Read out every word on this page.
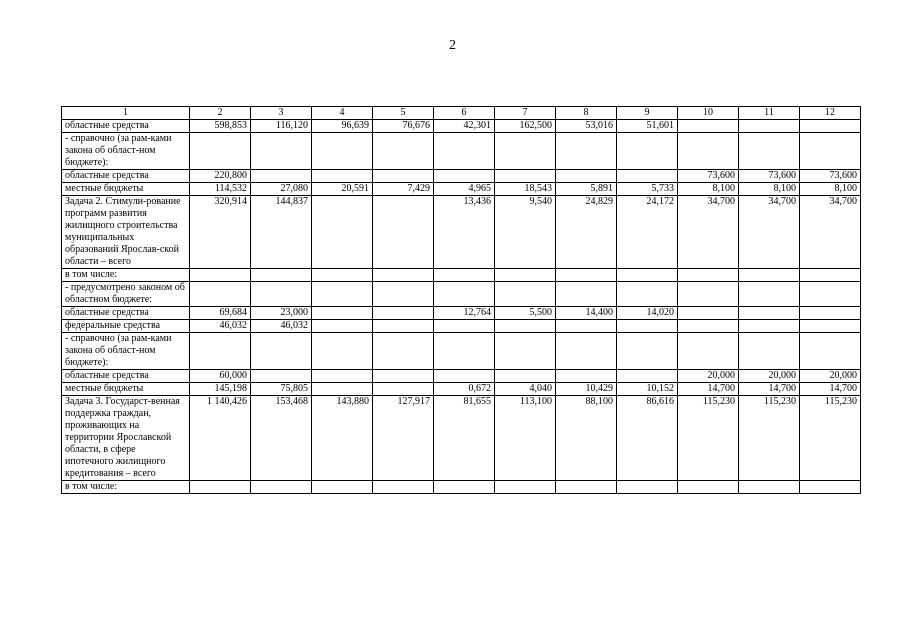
2
1	2	3	4	5	6	7	8	9	10	11	12
областные средства	598,853	116,120	96,639	76,676	42,301	162,500	53,016	51,601			
- справочно (за рам-ками закона об област-ном бюджете):											
областные средства	220,800								73,600	73,600	73,600
местные бюджеты	114,532	27,080	20,591	7,429	4,965	18,543	5,891	5,733	8,100	8,100	8,100
Задача 2. Стимули-рование программ развития жилищного строительства муниципальных образований Ярослав-ской области – всего	320,914	144,837			13,436	9,540	24,829	24,172	34,700	34,700	34,700
в том числе:											
- предусмотрено законом об областном бюджете:											
областные средства	69,684	23,000			12,764	5,500	14,400	14,020			
федеральные средства	46,032	46,032									
- справочно (за рам-ками закона об област-ном бюджете):											
областные средства	60,000								20,000	20,000	20,000
местные бюджеты	145,198	75,805			0,672	4,040	10,429	10,152	14,700	14,700	14,700
Задача 3. Государст-венная поддержка граждан, проживающих на территории Ярославской области, в сфере ипотечного жилищного кредитования – всего	1 140,426	153,468	143,880	127,917	81,655	113,100	88,100	86,616	115,230	115,230	115,230
в том числе:											
